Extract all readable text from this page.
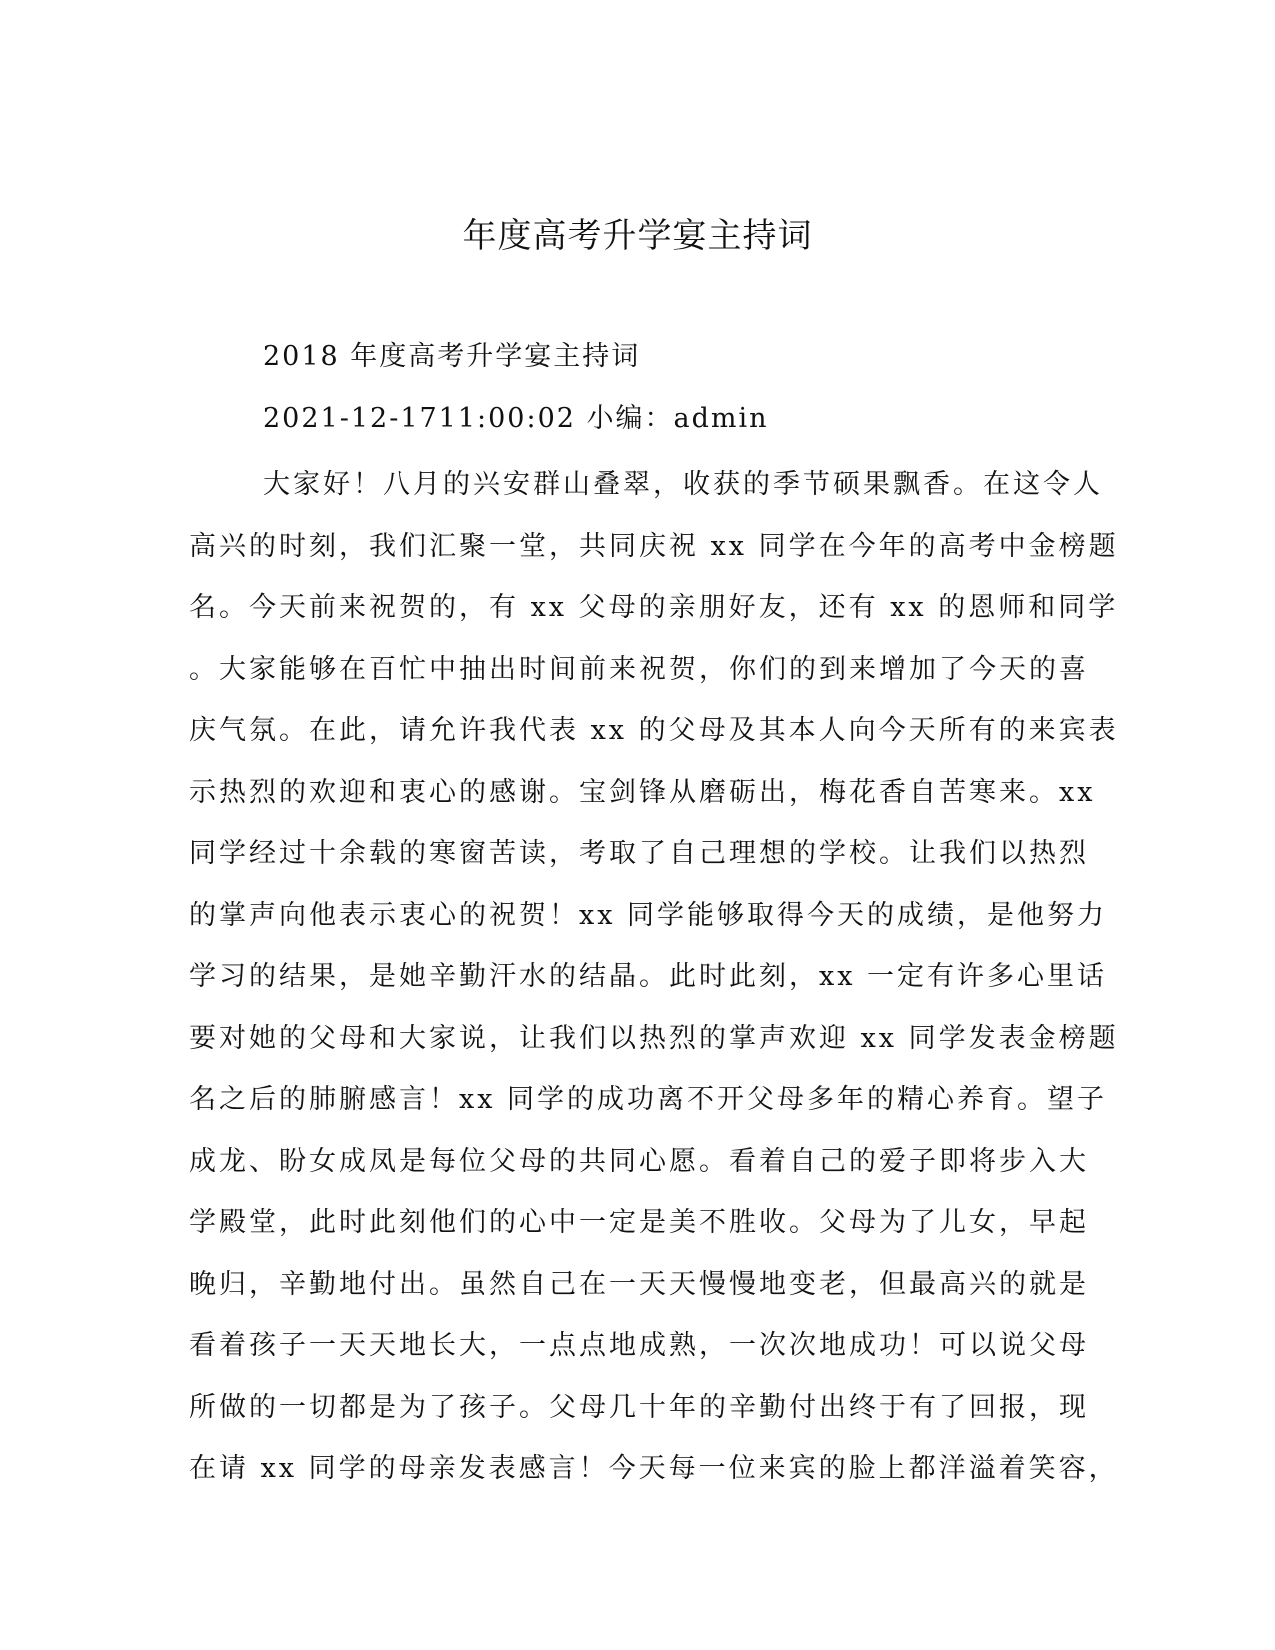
年度高考升学宴主持词
2018 年度高考升学宴主持词
2021-12-1711:00:02 小编：admin
大家好！八月的兴安群山叠翠，收获的季节硕果飘香。在这令人
高兴的时刻，我们汇聚一堂，共同庆祝 xx 同学在今年的高考中金榜题
名。今天前来祝贺的，有 xx 父母的亲朋好友，还有 xx 的恩师和同学
。大家能够在百忙中抽出时间前来祝贺，你们的到来增加了今天的喜
庆气氛。在此，请允许我代表 xx 的父母及其本人向今天所有的来宾表
示热烈的欢迎和衷心的感谢。宝剑锋从磨砺出，梅花香自苦寒来。xx
同学经过十余载的寒窗苦读，考取了自己理想的学校。让我们以热烈
的掌声向他表示衷心的祝贺！xx 同学能够取得今天的成绩，是他努力
学习的结果，是她辛勤汗水的结晶。此时此刻，xx 一定有许多心里话
要对她的父母和大家说，让我们以热烈的掌声欢迎 xx 同学发表金榜题
名之后的肺腑感言！xx 同学的成功离不开父母多年的精心养育。望子
成龙、盼女成凤是每位父母的共同心愿。看着自己的爱子即将步入大
学殿堂，此时此刻他们的心中一定是美不胜收。父母为了儿女，早起
晚归，辛勤地付出。虽然自己在一天天慢慢地变老，但最高兴的就是
看着孩子一天天地长大，一点点地成熟，一次次地成功！可以说父母
所做的一切都是为了孩子。父母几十年的辛勤付出终于有了回报，现
在请 xx 同学的母亲发表感言！今天每一位来宾的脸上都洋溢着笑容，
